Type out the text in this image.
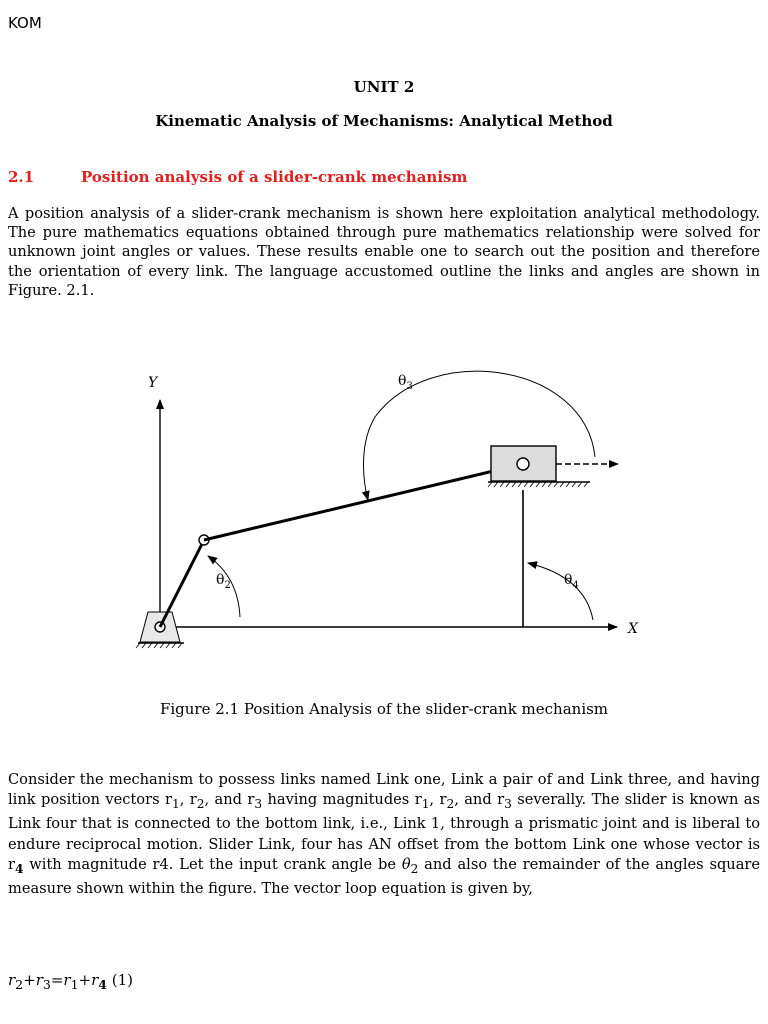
KOM
UNIT 2
Kinematic Analysis of Mechanisms: Analytical Method
2.1	Position analysis of a slider-crank mechanism
A position analysis of a slider-crank mechanism is shown here exploitation analytical methodology. The pure mathematics equations obtained through pure mathematics relationship were solved for unknown joint angles or values. These results enable one to search out the position and therefore the orientation of every link. The language accustomed outline the links and angles are shown in Figure. 2.1.
Y
X
$\theta_2$
$\theta_3$
$\theta_4$
Figure 2.1 Position Analysis of the slider-crank mechanism
Consider the mechanism to possess links named Link one, Link a pair of and Link three, and having link position vectors $r_1$, $r_2$, and $r_3$ having magnitudes $r_1$, $r_2$, and $r_3$ severally. The slider is known as Link four that is connected to the bottom link, i.e., Link 1, through a prismatic joint and is liberal to endure reciprocal motion. Slider Link, four has AN offset from the bottom Link one whose vector is $r_4$ with magnitude r4. Let the input crank angle be $\theta_2$ and also the remainder of the angles square measure shown within the figure. The vector loop equation is given by,
$r_2+r_3=r_1+r_4$ (1)
